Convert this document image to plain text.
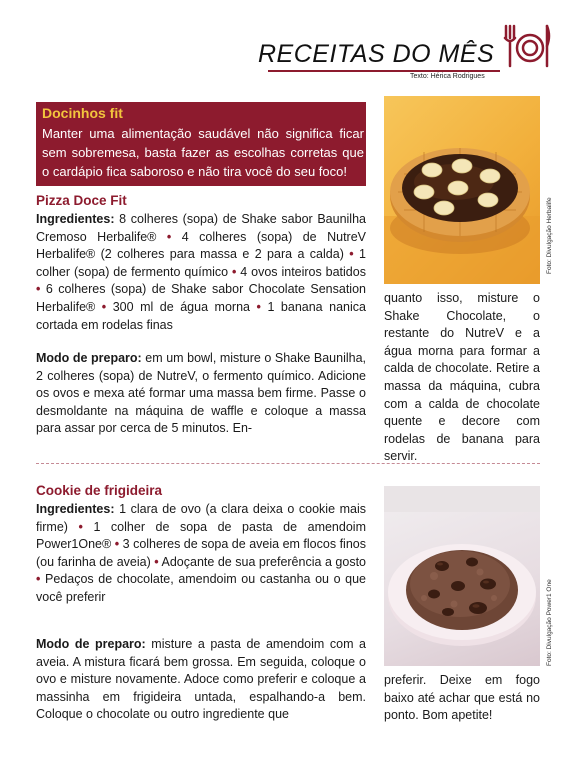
RECEITAS DO MÊS
Texto: Hérica Rodrigues
Docinhos fit
Manter uma alimentação saudável não significa ficar sem sobremesa, basta fazer as escolhas corretas que o cardápio fica saboroso e não tira você do seu foco!
Pizza Doce Fit
Ingredientes: 8 colheres (sopa) de Shake sabor Baunilha Cremoso Herbalife® • 4 colheres (sopa) de NutreV Herbalife® (2 colheres para massa e 2 para a calda) • 1 colher (sopa) de fermento químico • 4 ovos inteiros batidos • 6 colheres (sopa) de Shake sabor Chocolate Sensation Herbalife® • 300 ml de água morna • 1 banana nanica cortada em rodelas finas
Modo de preparo: em um bowl, misture o Shake Baunilha, 2 colheres (sopa) de NutreV, o fermento químico. Adicione os ovos e mexa até formar uma massa bem firme. Passe o desmoldante na máquina de waffle e coloque a massa para assar por cerca de 5 minutos. En-
quanto isso, misture o Shake Chocolate, o restante do NutreV e a água morna para formar a calda de chocolate. Retire a massa da máquina, cubra com a calda de chocolate quente e decore com rodelas de banana para servir.
Foto: Divulgação Herbalife
Cookie de frigideira
Ingredientes: 1 clara de ovo (a clara deixa o cookie mais firme) • 1 colher de sopa de pasta de amendoim Power1One® • 3 colheres de sopa de aveia em flocos finos (ou farinha de aveia) • Adoçante de sua preferência a gosto • Pedaços de chocolate, amendoim ou castanha ou o que você preferir
Modo de preparo: misture a pasta de amendoim com a aveia. A mistura ficará bem grossa. Em seguida, coloque o ovo e misture novamente. Adoce como preferir e coloque a massinha em frigideira untada, espalhando-a bem. Coloque o chocolate ou outro ingrediente que
preferir. Deixe em fogo baixo até achar que está no ponto. Bom apetite!
Foto: Divulgação Power1 One
